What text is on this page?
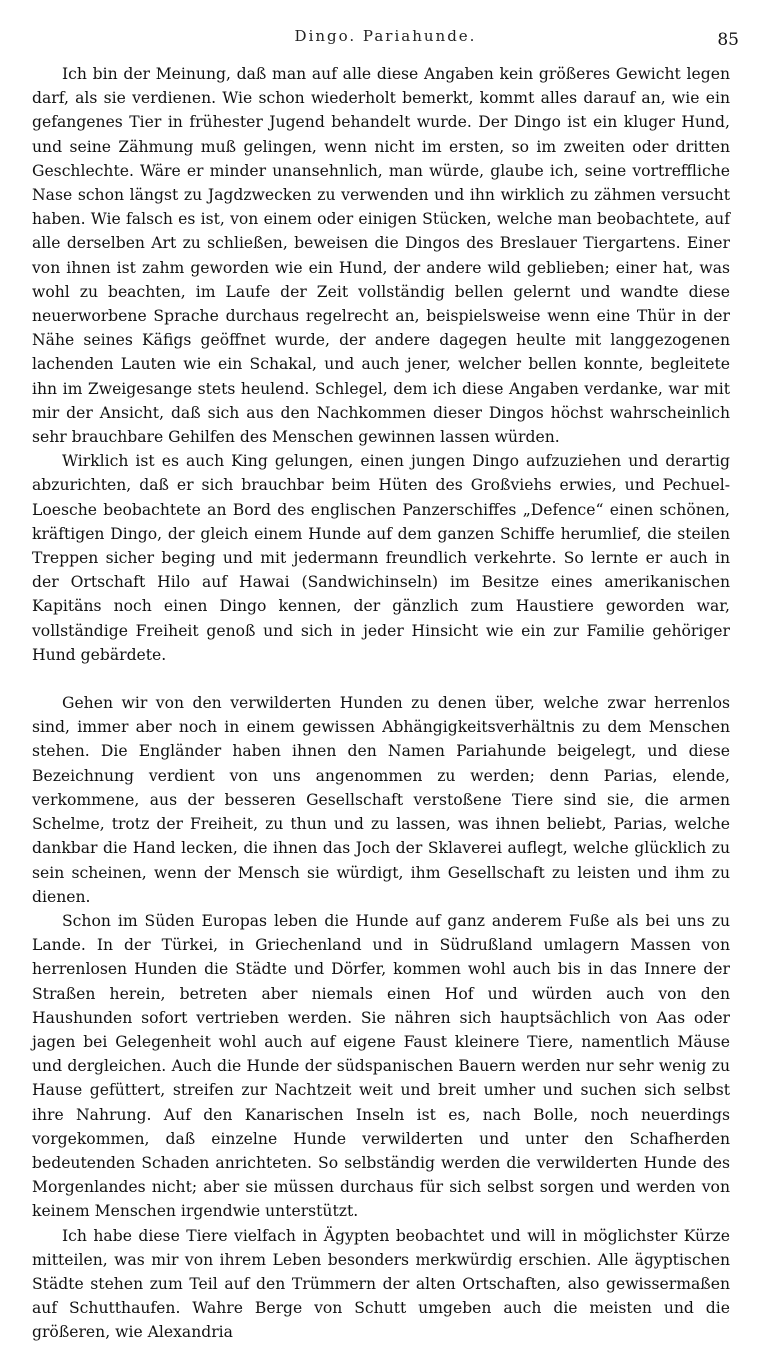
Dingo. Pariahunde.	85

Ich bin der Meinung, daß man auf alle diese Angaben kein größeres Gewicht legen darf, als sie verdienen. Wie schon wiederholt bemerkt, kommt alles darauf an, wie ein gefangenes Tier in frühester Jugend behandelt wurde. Der Dingo ist ein kluger Hund, und seine Zähmung muß gelingen, wenn nicht im ersten, so im zweiten oder dritten Geschlechte. Wäre er minder unansehnlich, man würde, glaube ich, seine vortreffliche Nase schon längst zu Jagdzwecken zu verwenden und ihn wirklich zu zähmen versucht haben. Wie falsch es ist, von einem oder einigen Stücken, welche man beobachtete, auf alle derselben Art zu schließen, beweisen die Dingos des Breslauer Tiergartens. Einer von ihnen ist zahm geworden wie ein Hund, der andere wild geblieben; einer hat, was wohl zu beachten, im Laufe der Zeit vollständig bellen gelernt und wandte diese neuerworbene Sprache durchaus regelrecht an, beispielsweise wenn eine Thür in der Nähe seines Käfigs geöffnet wurde, der andere dagegen heulte mit langgezogenen lachenden Lauten wie ein Schakal, und auch jener, welcher bellen konnte, begleitete ihn im Zweigesange stets heulend. Schlegel, dem ich diese Angaben verdanke, war mit mir der Ansicht, daß sich aus den Nachkommen dieser Dingos höchst wahrscheinlich sehr brauchbare Gehilfen des Menschen gewinnen lassen würden.

Wirklich ist es auch King gelungen, einen jungen Dingo aufzuziehen und derartig abzurichten, daß er sich brauchbar beim Hüten des Großviehs erwies, und Pechuel-Loesche beobachtete an Bord des englischen Panzerschiffes „Defence“ einen schönen, kräftigen Dingo, der gleich einem Hunde auf dem ganzen Schiffe herumlief, die steilen Treppen sicher beging und mit jedermann freundlich verkehrte. So lernte er auch in der Ortschaft Hilo auf Hawai (Sandwichinseln) im Besitze eines amerikanischen Kapitäns noch einen Dingo kennen, der gänzlich zum Haustiere geworden war, vollständige Freiheit genoß und sich in jeder Hinsicht wie ein zur Familie gehöriger Hund gebärdete.

Gehen wir von den verwilderten Hunden zu denen über, welche zwar herrenlos sind, immer aber noch in einem gewissen Abhängigkeitsverhältnis zu dem Menschen stehen. Die Engländer haben ihnen den Namen Pariahunde beigelegt, und diese Bezeichnung verdient von uns angenommen zu werden; denn Parias, elende, verkommene, aus der besseren Gesellschaft verstoßene Tiere sind sie, die armen Schelme, trotz der Freiheit, zu thun und zu lassen, was ihnen beliebt, Parias, welche dankbar die Hand lecken, die ihnen das Joch der Sklaverei auflegt, welche glücklich zu sein scheinen, wenn der Mensch sie würdigt, ihm Gesellschaft zu leisten und ihm zu dienen.

Schon im Süden Europas leben die Hunde auf ganz anderem Fuße als bei uns zu Lande. In der Türkei, in Griechenland und in Südrußland umlagern Massen von herrenlosen Hunden die Städte und Dörfer, kommen wohl auch bis in das Innere der Straßen herein, betreten aber niemals einen Hof und würden auch von den Haushunden sofort vertrieben werden. Sie nähren sich hauptsächlich von Aas oder jagen bei Gelegenheit wohl auch auf eigene Faust kleinere Tiere, namentlich Mäuse und dergleichen. Auch die Hunde der südspanischen Bauern werden nur sehr wenig zu Hause gefüttert, streifen zur Nachtzeit weit und breit umher und suchen sich selbst ihre Nahrung. Auf den Kanarischen Inseln ist es, nach Bolle, noch neuerdings vorgekommen, daß einzelne Hunde verwilderten und unter den Schafherden bedeutenden Schaden anrichteten. So selbständig werden die verwilderten Hunde des Morgenlandes nicht; aber sie müssen durchaus für sich selbst sorgen und werden von keinem Menschen irgendwie unterstützt.

Ich habe diese Tiere vielfach in Ägypten beobachtet und will in möglichster Kürze mitteilen, was mir von ihrem Leben besonders merkwürdig erschien. Alle ägyptischen Städte stehen zum Teil auf den Trümmern der alten Ortschaften, also gewissermaßen auf Schutthaufen. Wahre Berge von Schutt umgeben auch die meisten und die größeren, wie Alexandria
